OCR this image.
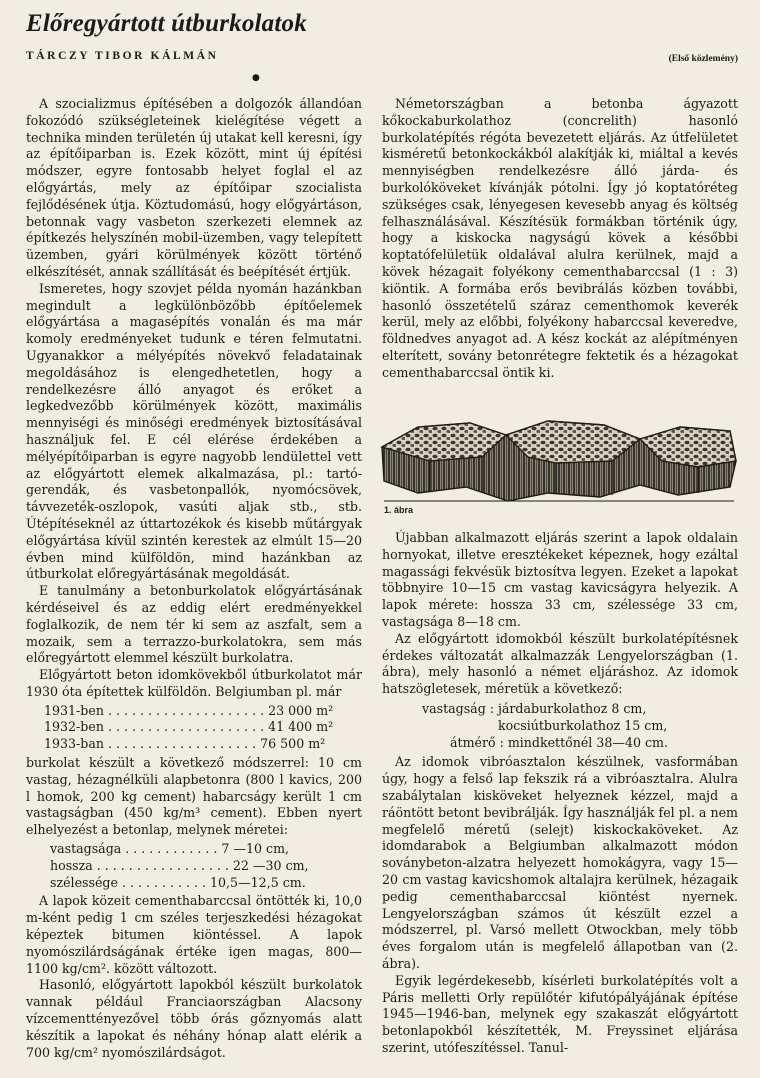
Előregyártott útburkolatok
TÁRCZY TIBOR KÁLMÁN	(Első közlemény)
●

A szocializmus építésében a dolgozók állandóan fokozódó szükségleteinek kielégítése végett a technika minden területén új utakat kell keresni, így az építőiparban is. Ezek között, mint új építési módszer, egyre fontosabb helyet foglal el az előgyártás, mely az építőipar szocialista fejlődésének útja. Köztudomású, hogy előgyártáson, betonnak vagy vasbeton szerkezeti elemnek az építkezés helyszínén mobil-üzemben, vagy telepített üzemben, gyári körülmények között történő elkészítését, annak szállítását és beépítését értjük.

Ismeretes, hogy szovjet példa nyomán hazánkban megindult a legkülönbözőbb építőelemek előgyártása a magasépítés vonalán és ma már komoly eredményeket tudunk e téren felmutatni. Ugyanakkor a mélyépítés növekvő feladatainak megoldásához is elengedhetetlen, hogy a rendelkezésre álló anyagot és erőket a legkedvezőbb körülmények között, maximális mennyiségi és minőségi eredmények biztosításával használjuk fel. E cél elérése érdekében a mélyépítőiparban is egyre nagyobb lendülettel vett az előgyártott elemek alkalmazása, pl.: tartó-gerendák, és vasbetonpallók, nyomócsövek, távvezeték-oszlopok, vasúti aljak stb., stb. Útépítéseknél az úttartozékok és kisebb műtárgyak előgyártása kívül szintén kerestek az elmúlt 15—20 évben mind külföldön, mind hazánkban az útburkolat előregyártásának megoldását.

E tanulmány a betonburkolatok előgyártásának kérdéseivel és az eddig elért eredményekkel foglalkozik, de nem tér ki sem az aszfalt, sem a mozaik, sem a terrazzo-burkolatokra, sem más előregyártott elemmel készült burkolatra.

Előgyártott beton idomkövekből útburkolatot már 1930 óta építettek külföldön. Belgiumban pl. már

1931-ben . . . . . . . . . . . . . . . . . . . . 23 000 m²
1932-ben . . . . . . . . . . . . . . . . . . . . 41 400 m²
1933-ban . . . . . . . . . . . . . . . . . . . 76 500 m²

burkolat készült a következő módszerrel: 10 cm vastag, hézagnélküli alapbetonra (800 l kavics, 200 l homok, 200 kg cement) habarcságy került 1 cm vastagságban (450 kg/m³ cement). Ebben nyert elhelyezést a betonlap, melynek méretei:

vastagsága . . . . . . . . . . . . 7 —10 cm,
hossza . . . . . . . . . . . . . . . . . 22 —30 cm,
szélessége . . . . . . . . . . . 10,5—12,5 cm.

A lapok közeit cementhabarccsal öntötték ki, 10,0 m-ként pedig 1 cm széles terjeszkedési hézagokat képeztek bitumen kiöntéssel. A lapok nyomószilárdságának értéke igen magas, 800—1100 kg/cm². között változott.

Hasonló, előgyártott lapokból készült burkolatok vannak például Franciaországban Alacsony vízcementtényezővel több órás gőznyomás alatt készítik a lapokat és néhány hónap alatt elérik a 700 kg/cm² nyomószilárdságot.

Németországban a betonba ágyazott kőkockaburkolathoz (concrelith) hasonló burkolatépítés régóta bevezetett eljárás. Az útfelületet kisméretű betonkockákból alakítják ki, miáltal a kevés mennyiségben rendelkezésre álló járda- és burkolóköveket kívánják pótolni. Így jó koptatóréteg szükséges csak, lényegesen kevesebb anyag és költség felhasználásával. Készítésük formákban történik úgy, hogy a kiskocka nagyságú kövek a későbbi koptatófelületük oldalával alulra kerülnek, majd a kövek hézagait folyékony cementhabarccsal (1 : 3) kiöntik. A formába erős bevibrálás közben további, hasonló összetételű száraz cementhomok keverék kerül, mely az előbbi, folyékony habarccsal keveredve, földnedves anyagot ad. A kész kockát az alépítményen elterített, sovány betonrétegre fektetik és a hézagokat cementhabarccsal öntik ki.

1. ábra

Újabban alkalmazott eljárás szerint a lapok oldalain hornyokat, illetve eresztékeket képeznek, hogy ezáltal magassági fekvésük biztosítva legyen. Ezeket a lapokat többnyire 10—15 cm vastag kavicságyra helyezik. A lapok mérete: hossza 33 cm, szélessége 33 cm, vastagsága 8—18 cm.

Az előgyártott idomokból készült burkolatépítésnek érdekes változatát alkalmazzák Lengyelországban (1. ábra), mely hasonló a német eljáráshoz. Az idomok hatszögletesek, méretük a következő:

vastagság : járdaburkolathoz 8 cm,
kocsiútburkolathoz 15 cm,
átmérő : mindkettőnél 38—40 cm.

Az idomok vibróasztalon készülnek, vasformában úgy, hogy a felső lap fekszik rá a vibróasztalra. Alulra szabálytalan kisköveket helyeznek kézzel, majd a ráöntött betont bevibrálják. Így használják fel pl. a nem megfelelő méretű (selejt) kiskockaköveket. Az idomdarabok a Belgiumban alkalmazott módon soványbeton-alzatra helyezett homokágyra, vagy 15—20 cm vastag kavicshomok altalajra kerülnek, hézagaik pedig cementhabarccsal kiöntést nyernek. Lengyelországban számos út készült ezzel a módszerrel, pl. Varsó mellett Otwockban, mely több éves forgalom után is megfelelő állapotban van (2. ábra).

Egyik legérdekesebb, kísérleti burkolatépítés volt a Páris melletti Orly repülőtér kifutópályájának építése 1945—1946-ban, melynek egy szakaszát előgyártott betonlapokból készítették, M. Freyssinet eljárása szerint, utófeszítéssel. Tanul-
